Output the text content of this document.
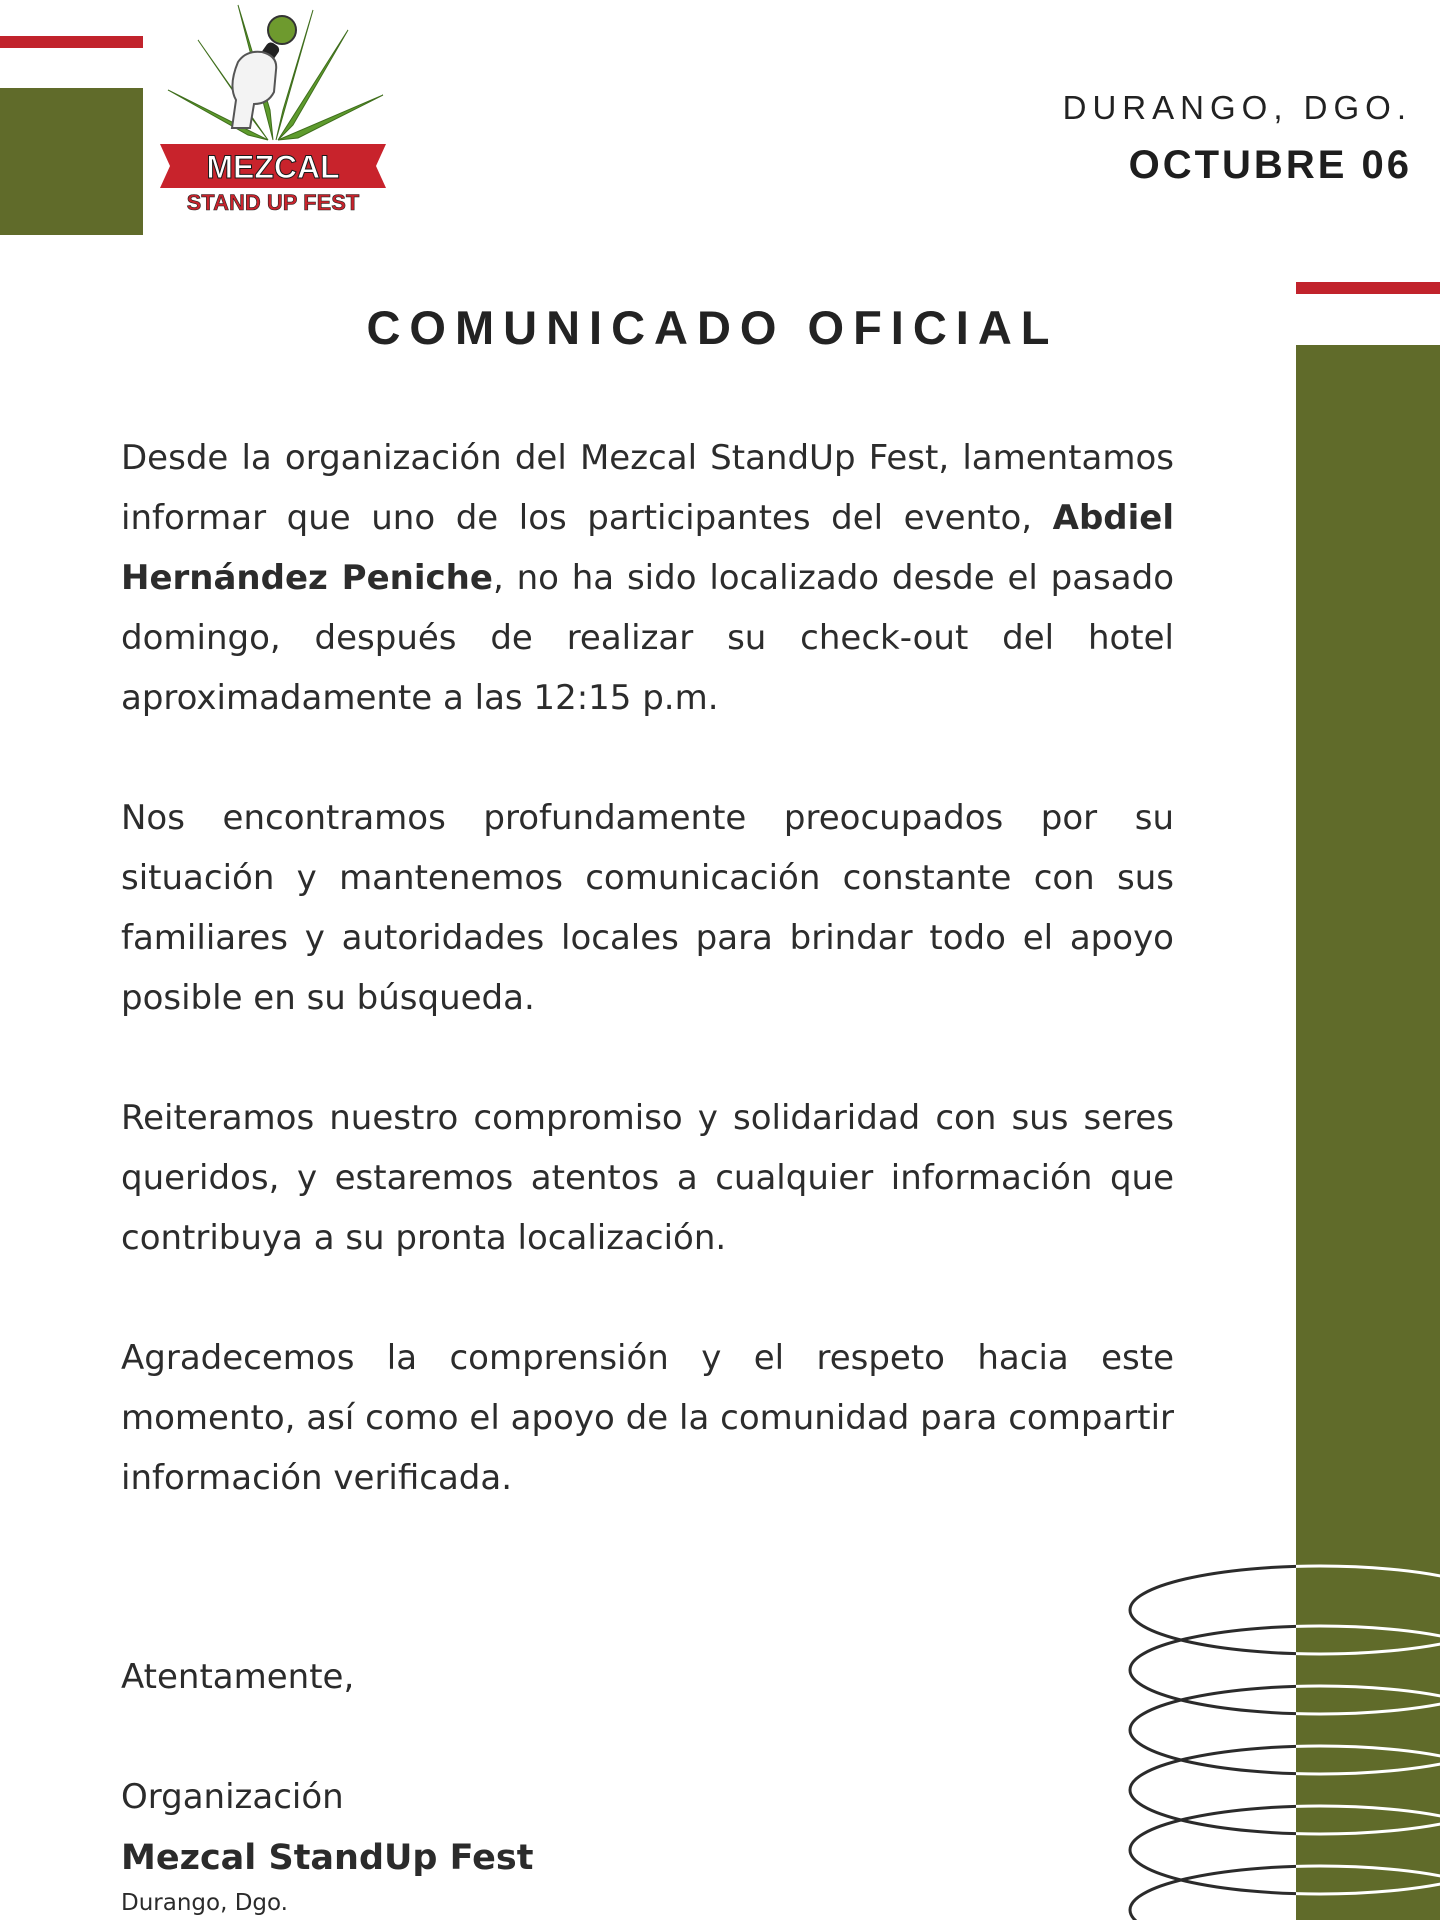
MEZCAL
STAND UP FEST
DURANGO, DGO.
OCTUBRE 06
COMUNICADO OFICIAL

Desde la organización del Mezcal StandUp Fest, lamentamos informar que uno de los participantes del evento, Abdiel Hernández Peniche, no ha sido localizado desde el pasado domingo, después de realizar su check-out del hotel aproximadamente a las 12:15 p.m.

Nos encontramos profundamente preocupados por su situación y mantenemos comunicación constante con sus familiares y autoridades locales para brindar todo el apoyo posible en su búsqueda.

Reiteramos nuestro compromiso y solidaridad con sus seres queridos, y estaremos atentos a cualquier información que contribuya a su pronta localización.

Agradecemos la comprensión y el respeto hacia este momento, así como el apoyo de la comunidad para compartir información verificada.

Atentamente,
Organización
Mezcal StandUp Fest
Durango, Dgo.
